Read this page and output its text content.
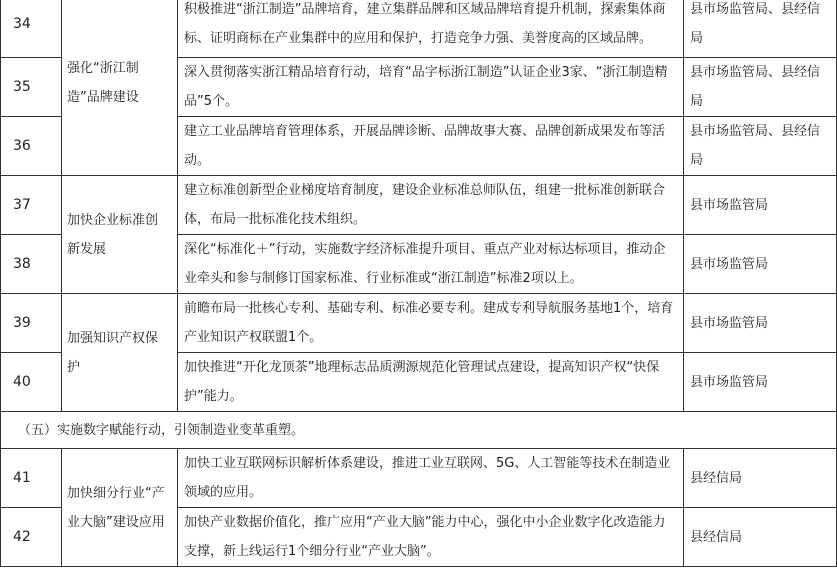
34	强化“浙江制造”品牌建设	积极推进“浙江制造”品牌培育，建立集群品牌和区域品牌培育提升机制，探索集体商标、证明商标在产业集群中的应用和保护，打造竞争力强、美誉度高的区域品牌。	县市场监管局、县经信局
35		深入贯彻落实浙江精品培育行动，培育“品字标浙江制造”认证企业3家、“浙江制造精品”5个。	县市场监管局、县经信局
36		建立工业品牌培育管理体系，开展品牌诊断、品牌故事大赛、品牌创新成果发布等活动。	县市场监管局、县经信局
37	加快企业标准创新发展	建立标准创新型企业梯度培育制度，建设企业标准总师队伍，组建一批标准创新联合体，布局一批标准化技术组织。	县市场监管局
38		深化“标准化＋”行动，实施数字经济标准提升项目、重点产业对标达标项目，推动企业牵头和参与制修订国家标准、行业标准或“浙江制造”标准2项以上。	县市场监管局
39	加强知识产权保护	前瞻布局一批核心专利、基础专利、标准必要专利。建成专利导航服务基地1个，培育产业知识产权联盟1个。	县市场监管局
40		加快推进“开化龙顶茶”地理标志品质溯源规范化管理试点建设，提高知识产权“快保护”能力。	县市场监管局
（五）实施数字赋能行动，引领制造业变革重塑。			
41	加快细分行业“产业大脑”建设应用	加快工业互联网标识解析体系建设，推进工业互联网、5G、人工智能等技术在制造业领域的应用。	县经信局
42		加快产业数据价值化，推广应用“产业大脑”能力中心，强化中小企业数字化改造能力支撑，新上线运行1个细分行业“产业大脑”。	县经信局
